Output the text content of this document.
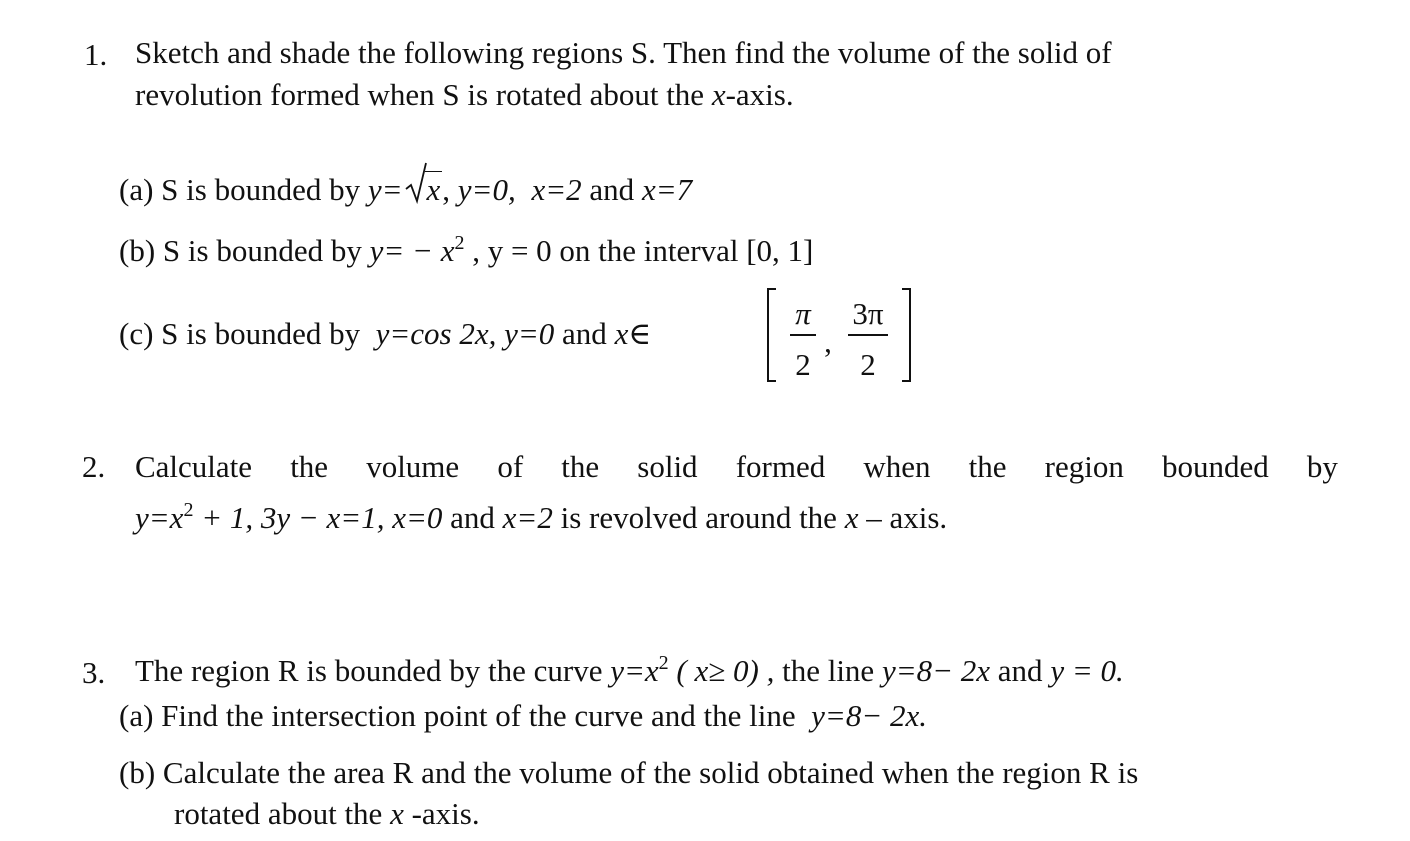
1. Sketch and shade the following regions S. Then find the volume of the solid of
revolution formed when S is rotated about the x-axis.
(a) S is bounded by y= x, y=0, x=2 and x=7
(b) S is bounded by $y= - x^2$ , y = 0 on the interval [0, 1]
(c) S is bounded by  y=cos 2x, y=0 and x∈
π
2
,
3π
2
2. Calculate the volume of the solid formed when the region bounded by
$y=x^2 + 1$, 3y − x=1, x=0 and x=2 is revolved around the x – axis.
3. The region R is bounded by the curve $y=x^2$ ( x≥ 0) , the line y=8− 2x and y = 0.
(a) Find the intersection point of the curve and the line  y=8− 2x.
(b) Calculate the area R and the volume of the solid obtained when the region R is
rotated about the x -axis.
